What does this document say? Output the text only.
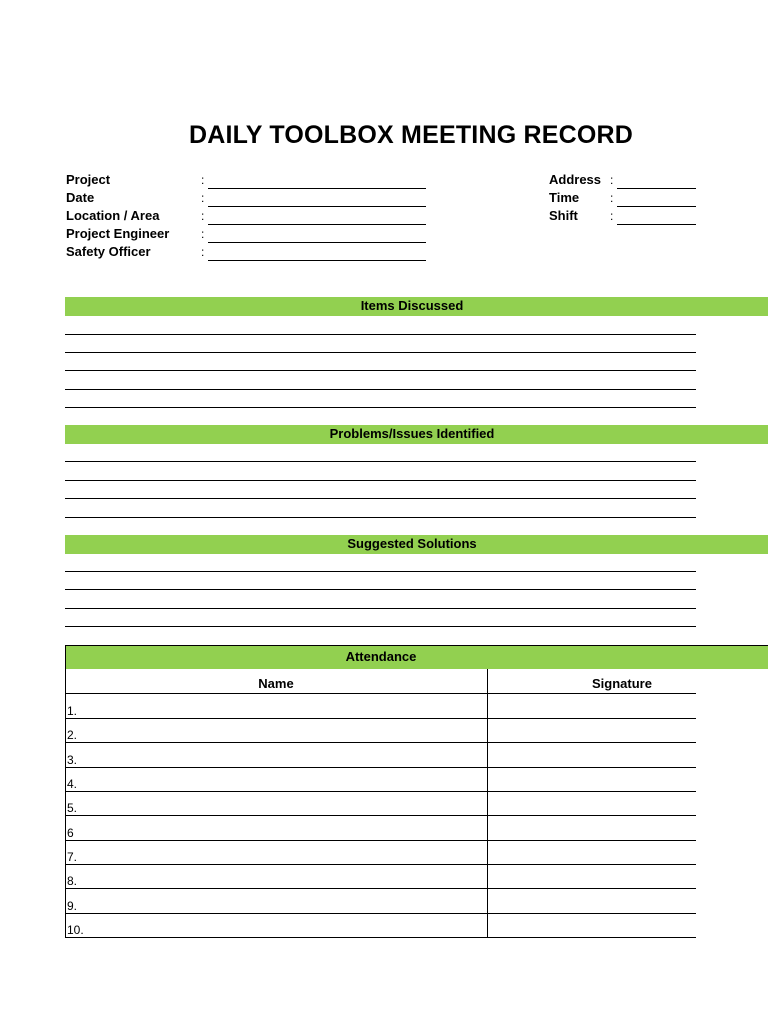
DAILY TOOLBOX MEETING RECORD
Project	:
Date	:
Location / Area	:
Project Engineer	:
Safety Officer	:
Address :
Time	:
Shift	:
Items Discussed
Problems/Issues Identified
Suggested Solutions
Attendance
Name	Signature
1.
2.
3.
4.
5.
6
7.
8.
9.
10.
